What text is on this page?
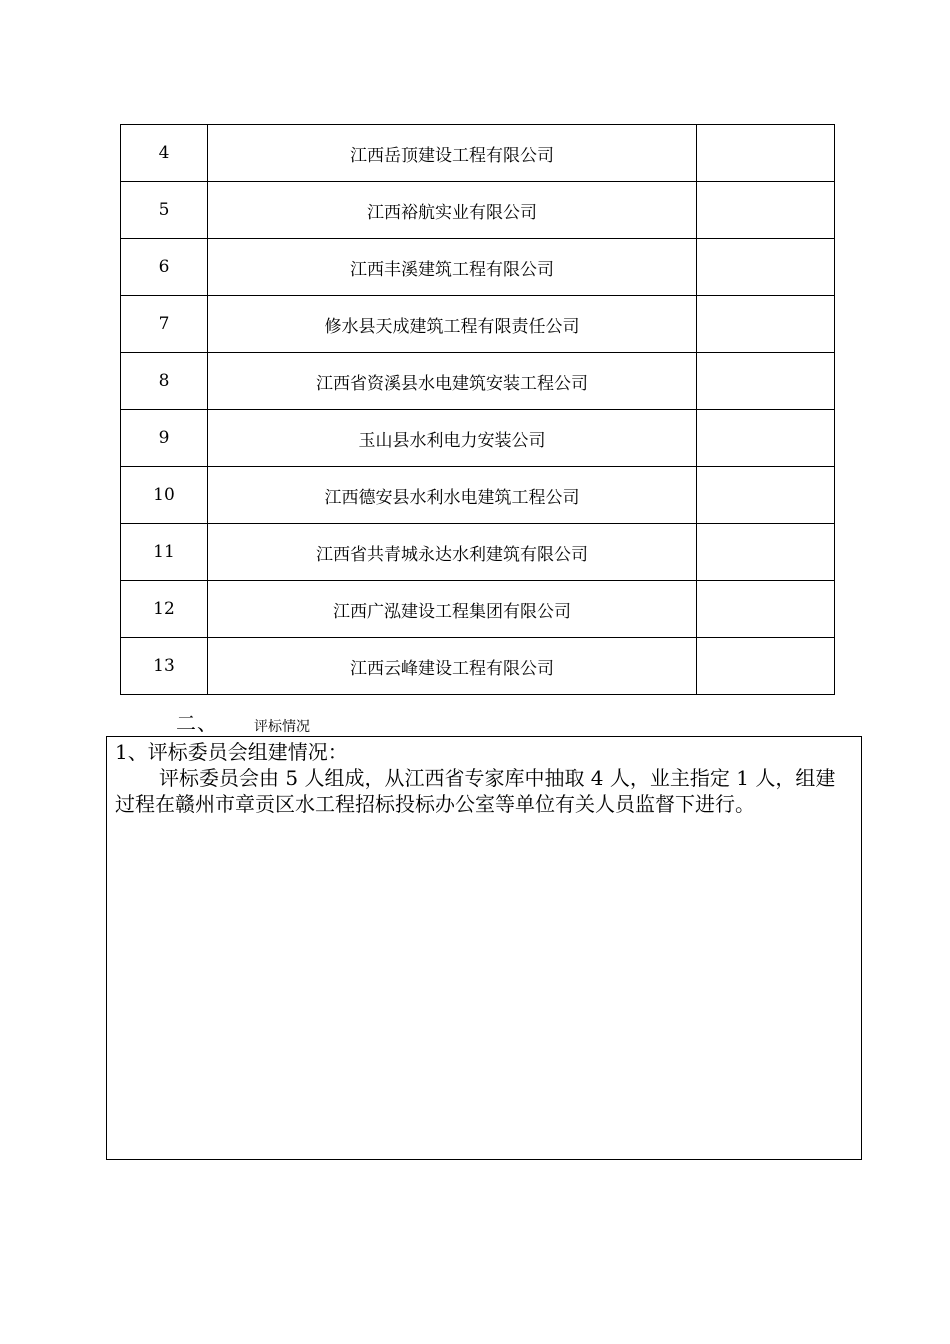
4	江西岳顶建设工程有限公司	
5	江西裕航实业有限公司	
6	江西丰溪建筑工程有限公司	
7	修水县天成建筑工程有限责任公司	
8	江西省资溪县水电建筑安装工程公司	
9	玉山县水利电力安装公司	
10	江西德安县水利水电建筑工程公司	
11	江西省共青城永达水利建筑有限公司	
12	江西广泓建设工程集团有限公司	
13	江西云峰建设工程有限公司	
二、	评标情况

1、评标委员会组建情况：

评标委员会由 5 人组成，从江西省专家库中抽取 4 人，业主指定 1 人，组建过程在赣州市章贡区水工程招标投标办公室等单位有关人员监督下进行。
